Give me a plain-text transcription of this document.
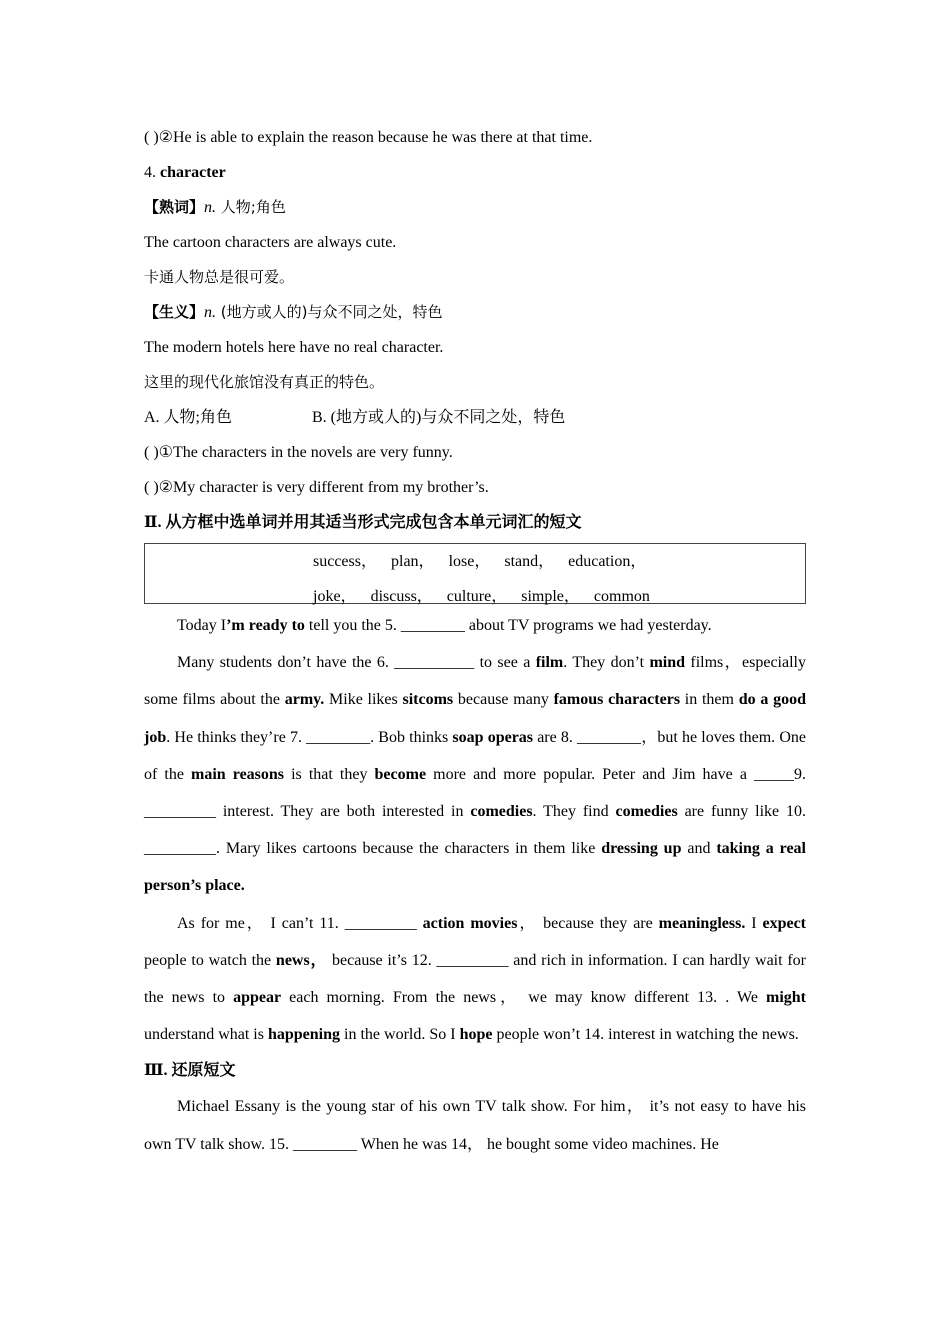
( )②He is able to explain the reason because he was there at that time.
4. character
【熟词】n. 人物;角色
The cartoon characters are always cute.
卡通人物总是很可爱。
【生义】n. (地方或人的)与众不同之处，特色
The modern hotels here have no real character.
这里的现代化旅馆没有真正的特色。
A. 人物;角色	B. (地方或人的)与众不同之处，特色
( )①The characters in the novels are very funny.
( )②My character is very different from my brother’s.
Ⅱ. 从方框中选单词并用其适当形式完成包含本单元词汇的短文
success， plan， lose， stand， education，
joke， discuss， culture， simple， common
Today I’m ready to tell you the 5. ________ about TV programs we had yesterday.
Many students don’t have the 6. __________ to see a film. They don’t mind films，especially some films about the army. Mike likes sitcoms because many famous characters in them do a good job. He thinks they’re 7. ________. Bob thinks soap operas are 8. ________，but he loves them. One of the main reasons is that they become more and more popular. Peter and Jim have a _____9. _________ interest. They are both interested in comedies. They find comedies are funny like 10. _________. Mary likes cartoons because the characters in them like dressing up and taking a real person’s place.
As for me， I can’t 11. _________ action movies， because they are meaningless. I expect people to watch the news， because it’s 12. _________ and rich in information. I can hardly wait for the news to appear each morning. From the news， we may know different 13. . We might understand what is happening in the world. So I hope people won’t 14. interest in watching the news.
Ⅲ. 还原短文
Michael Essany is the young star of his own TV talk show. For him， it’s not easy to have his own TV talk show. 15. ________ When he was 14， he bought some video machines. He
